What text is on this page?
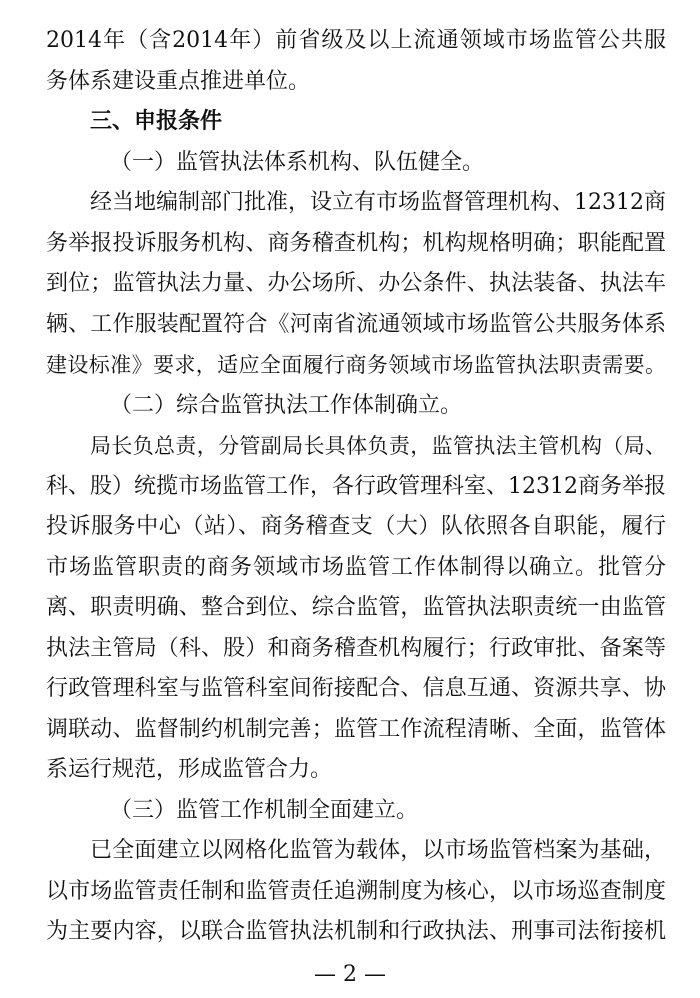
2014年（含2014年）前省级及以上流通领域市场监管公共服
务体系建设重点推进单位。
三、申报条件
（一）监管执法体系机构、队伍健全。
经当地编制部门批准，设立有市场监督管理机构、12312商
务举报投诉服务机构、商务稽查机构；机构规格明确；职能配置
到位；监管执法力量、办公场所、办公条件、执法装备、执法车
辆、工作服装配置符合《河南省流通领域市场监管公共服务体系
建设标准》要求，适应全面履行商务领域市场监管执法职责需要。
（二）综合监管执法工作体制确立。
局长负总责，分管副局长具体负责，监管执法主管机构（局、
科、股）统揽市场监管工作，各行政管理科室、12312商务举报
投诉服务中心（站）、商务稽查支（大）队依照各自职能，履行
市场监管职责的商务领域市场监管工作体制得以确立。批管分
离、职责明确、整合到位、综合监管，监管执法职责统一由监管
执法主管局（科、股）和商务稽查机构履行；行政审批、备案等
行政管理科室与监管科室间衔接配合、信息互通、资源共享、协
调联动、监督制约机制完善；监管工作流程清晰、全面，监管体
系运行规范，形成监管合力。
（三）监管工作机制全面建立。
已全面建立以网格化监管为载体，以市场监管档案为基础，
以市场监管责任制和监管责任追溯制度为核心，以市场巡查制度
为主要内容，以联合监管执法机制和行政执法、刑事司法衔接机
— 2 —
